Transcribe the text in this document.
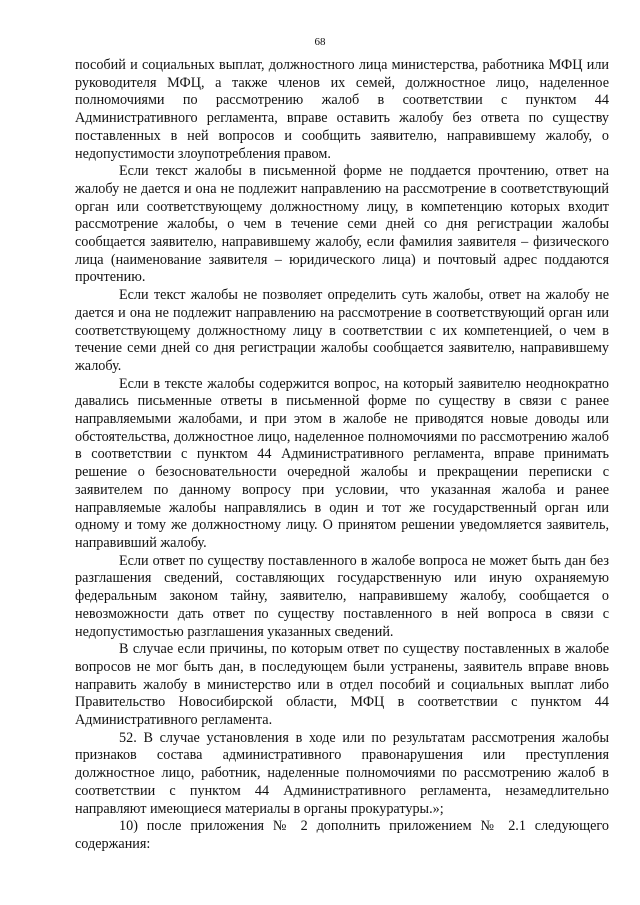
68

пособий и социальных выплат, должностного лица министерства, работника МФЦ или руководителя МФЦ, а также членов их семей, должностное лицо, наделенное полномочиями по рассмотрению жалоб в соответствии с пунктом 44 Административного регламента, вправе оставить жалобу без ответа по существу поставленных в ней вопросов и сообщить заявителю, направившему жалобу, о недопустимости злоупотребления правом.

Если текст жалобы в письменной форме не поддается прочтению, ответ на жалобу не дается и она не подлежит направлению на рассмотрение в соответствующий орган или соответствующему должностному лицу, в компетенцию которых входит рассмотрение жалобы, о чем в течение семи дней со дня регистрации жалобы сообщается заявителю, направившему жалобу, если фамилия заявителя – физического лица (наименование заявителя – юридического лица) и почтовый адрес поддаются прочтению.

Если текст жалобы не позволяет определить суть жалобы, ответ на жалобу не дается и она не подлежит направлению на рассмотрение в соответствующий орган или соответствующему должностному лицу в соответствии с их компетенцией, о чем в течение семи дней со дня регистрации жалобы сообщается заявителю, направившему жалобу.

Если в тексте жалобы содержится вопрос, на который заявителю неоднократно давались письменные ответы в письменной форме по существу в связи с ранее направляемыми жалобами, и при этом в жалобе не приводятся новые доводы или обстоятельства, должностное лицо, наделенное полномочиями по рассмотрению жалоб в соответствии с пунктом 44 Административного регламента, вправе принимать решение о безосновательности очередной жалобы и прекращении переписки с заявителем по данному вопросу при условии, что указанная жалоба и ранее направляемые жалобы направлялись в один и тот же государственный орган или одному и тому же должностному лицу. О принятом решении уведомляется заявитель, направивший жалобу.

Если ответ по существу поставленного в жалобе вопроса не может быть дан без разглашения сведений, составляющих государственную или иную охраняемую федеральным законом тайну, заявителю, направившему жалобу, сообщается о невозможности дать ответ по существу поставленного в ней вопроса в связи с недопустимостью разглашения указанных сведений.

В случае если причины, по которым ответ по существу поставленных в жалобе вопросов не мог быть дан, в последующем были устранены, заявитель вправе вновь направить жалобу в министерство или в отдел пособий и социальных выплат либо Правительство Новосибирской области, МФЦ в соответствии с пунктом 44 Административного регламента.

52. В случае установления в ходе или по результатам рассмотрения жалобы признаков состава административного правонарушения или преступления должностное лицо, работник, наделенные полномочиями по рассмотрению жалоб в соответствии с пунктом 44 Административного регламента, незамедлительно направляют имеющиеся материалы в органы прокуратуры.»;

10) после приложения № 2 дополнить приложением № 2.1 следующего содержания:
